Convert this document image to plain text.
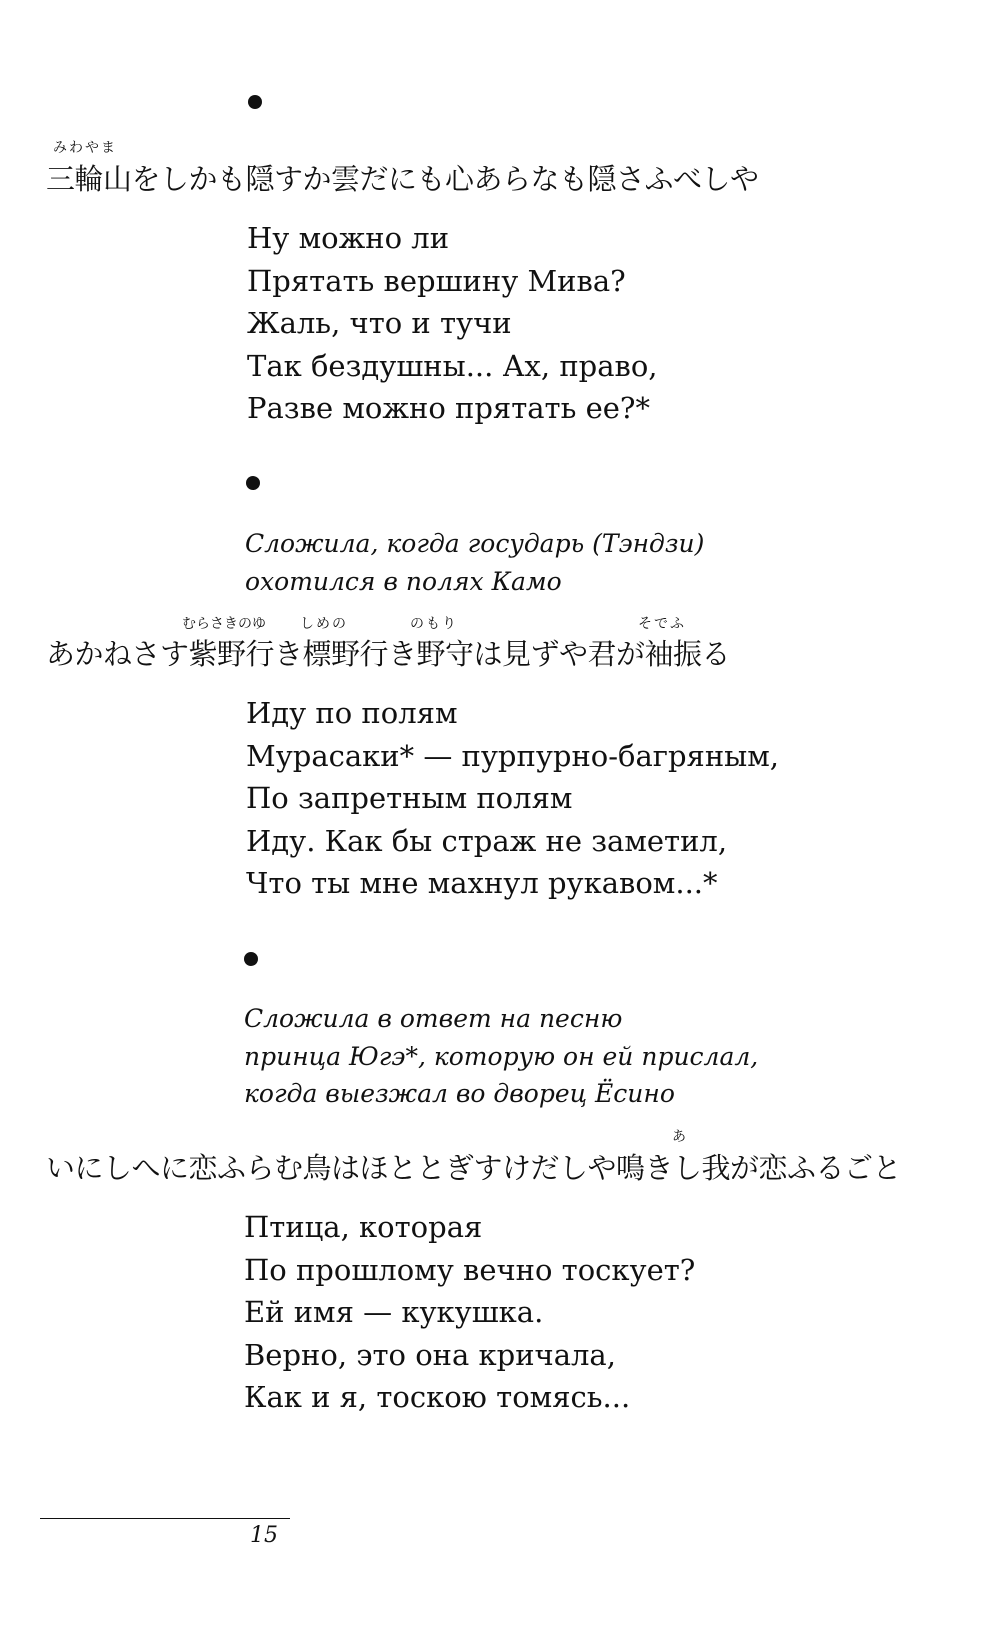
みわやま
三輪山をしかも隠すか雲だにも心あらなも隠さふべしや
Ну можно ли
Прятать вершину Мива?
Жаль, что и тучи
Так бездушны... Ах, право,
Разве можно прятать ее?*
Сложила, когда государь (Тэндзи)
охотился в полях Камо
むらさきのゆ しめの	のもり	そでふ
あかねさす紫野行き標野行き野守は見ずや君が袖振る
Иду по полям
Мурасаки* — пурпурно-багряным,
По запретным полям
Иду. Как бы страж не заметил,
Что ты мне махнул рукавом...*
Сложила в ответ на песню
принца Югэ*, которую он ей прислал,
когда выезжал во дворец Ёсино
あ
いにしへに恋ふらむ鳥はほととぎすけだしや鳴きし我が恋ふるごと
Птица, которая
По прошлому вечно тоскует?
Ей имя — кукушка.
Верно, это она кричала,
Как и я, тоскою томясь...
15
